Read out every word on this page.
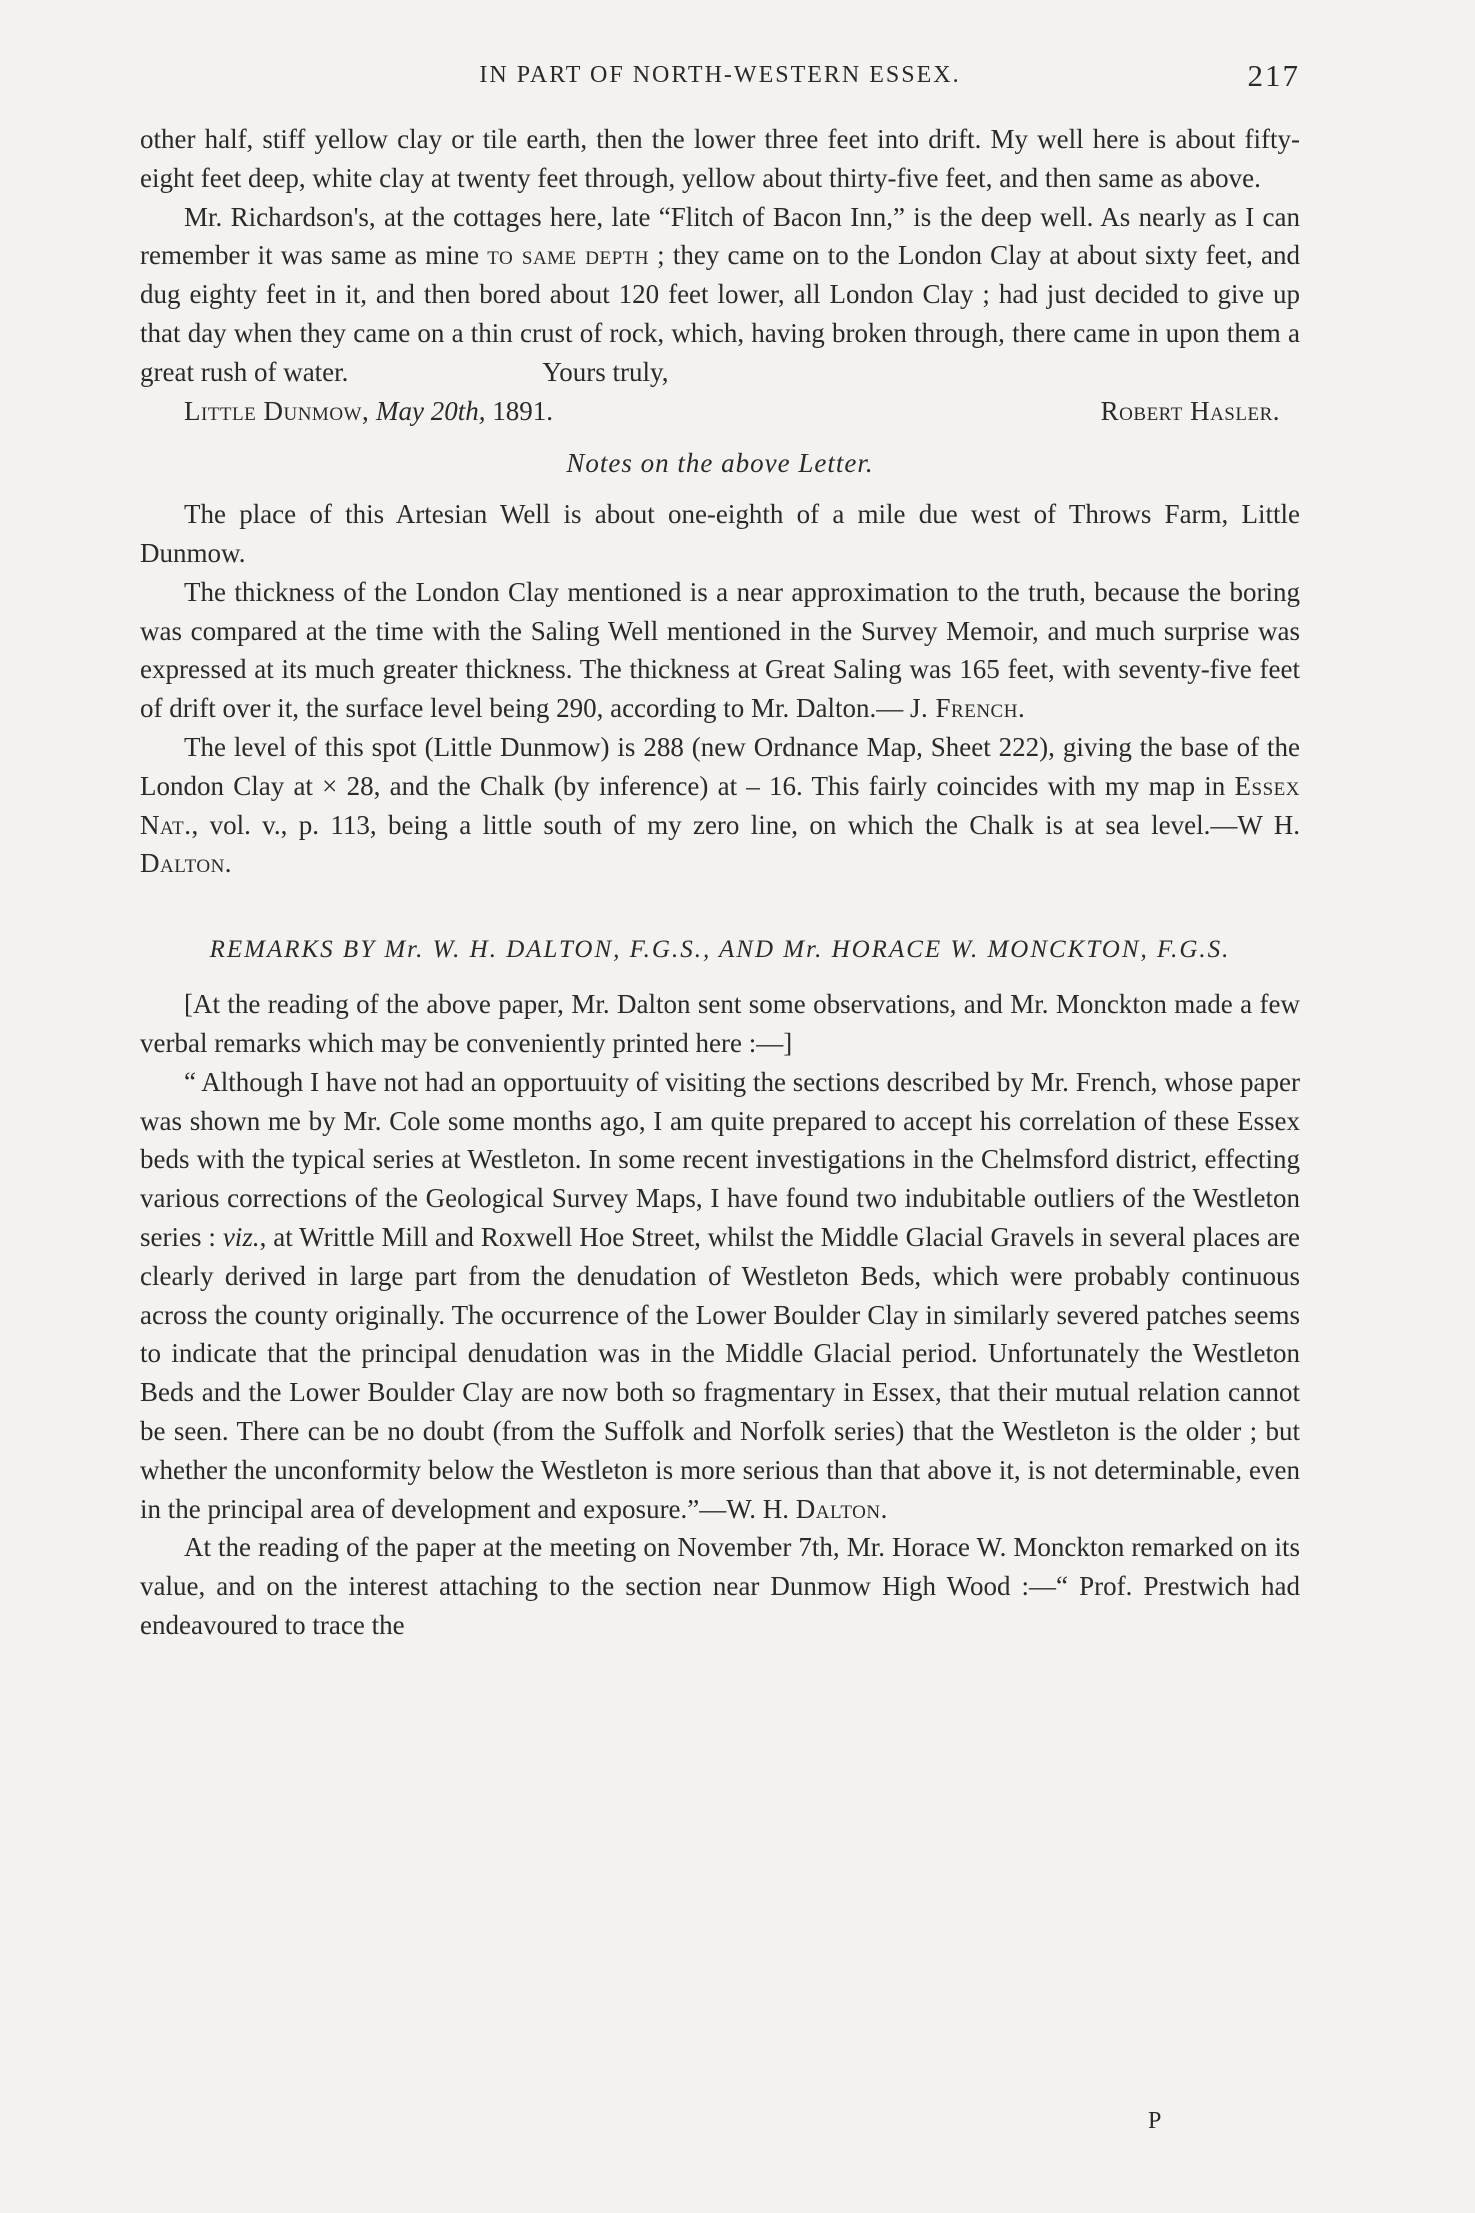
IN PART OF NORTH-WESTERN ESSEX.	217

other half, stiff yellow clay or tile earth, then the lower three feet into drift. My well here is about fifty-eight feet deep, white clay at twenty feet through, yellow about thirty-five feet, and then same as above.

Mr. Richardson's, at the cottages here, late “Flitch of Bacon Inn,” is the deep well. As nearly as I can remember it was same as mine to same depth ; they came on to the London Clay at about sixty feet, and dug eighty feet in it, and then bored about 120 feet lower, all London Clay ; had just decided to give up that day when they came on a thin crust of rock, which, having broken through, there came in upon them a great rush of water.	Yours truly,

Little Dunmow, May 20th, 1891.	Robert Hasler.
Notes on the above Letter.

The place of this Artesian Well is about one-eighth of a mile due west of Throws Farm, Little Dunmow.

The thickness of the London Clay mentioned is a near approximation to the truth, because the boring was compared at the time with the Saling Well mentioned in the Survey Memoir, and much surprise was expressed at its much greater thickness. The thickness at Great Saling was 165 feet, with seventy-five feet of drift over it, the surface level being 290, according to Mr. Dalton.— J. French.

The level of this spot (Little Dunmow) is 288 (new Ordnance Map, Sheet 222), giving the base of the London Clay at × 28, and the Chalk (by inference) at – 16. This fairly coincides with my map in Essex Nat., vol. v., p. 113, being a little south of my zero line, on which the Chalk is at sea level.—W H. Dalton.

REMARKS BY Mr. W. H. DALTON, F.G.S., AND Mr. HORACE W. MONCKTON, F.G.S.

[At the reading of the above paper, Mr. Dalton sent some observations, and Mr. Monckton made a few verbal remarks which may be conveniently printed here :—]

“ Although I have not had an opportuuity of visiting the sections described by Mr. French, whose paper was shown me by Mr. Cole some months ago, I am quite prepared to accept his correlation of these Essex beds with the typical series at Westleton. In some recent investigations in the Chelmsford district, effecting various corrections of the Geological Survey Maps, I have found two indubitable outliers of the Westleton series : viz., at Writtle Mill and Roxwell Hoe Street, whilst the Middle Glacial Gravels in several places are clearly derived in large part from the denudation of Westleton Beds, which were probably continuous across the county originally. The occurrence of the Lower Boulder Clay in similarly severed patches seems to indicate that the principal denudation was in the Middle Glacial period. Unfortunately the Westleton Beds and the Lower Boulder Clay are now both so fragmentary in Essex, that their mutual relation cannot be seen. There can be no doubt (from the Suffolk and Norfolk series) that the Westleton is the older ; but whether the unconformity below the Westleton is more serious than that above it, is not determinable, even in the principal area of development and exposure.”—W. H. Dalton.

At the reading of the paper at the meeting on November 7th, Mr. Horace W. Monckton remarked on its value, and on the interest attaching to the section near Dunmow High Wood :—“ Prof. Prestwich had endeavoured to trace the

P
